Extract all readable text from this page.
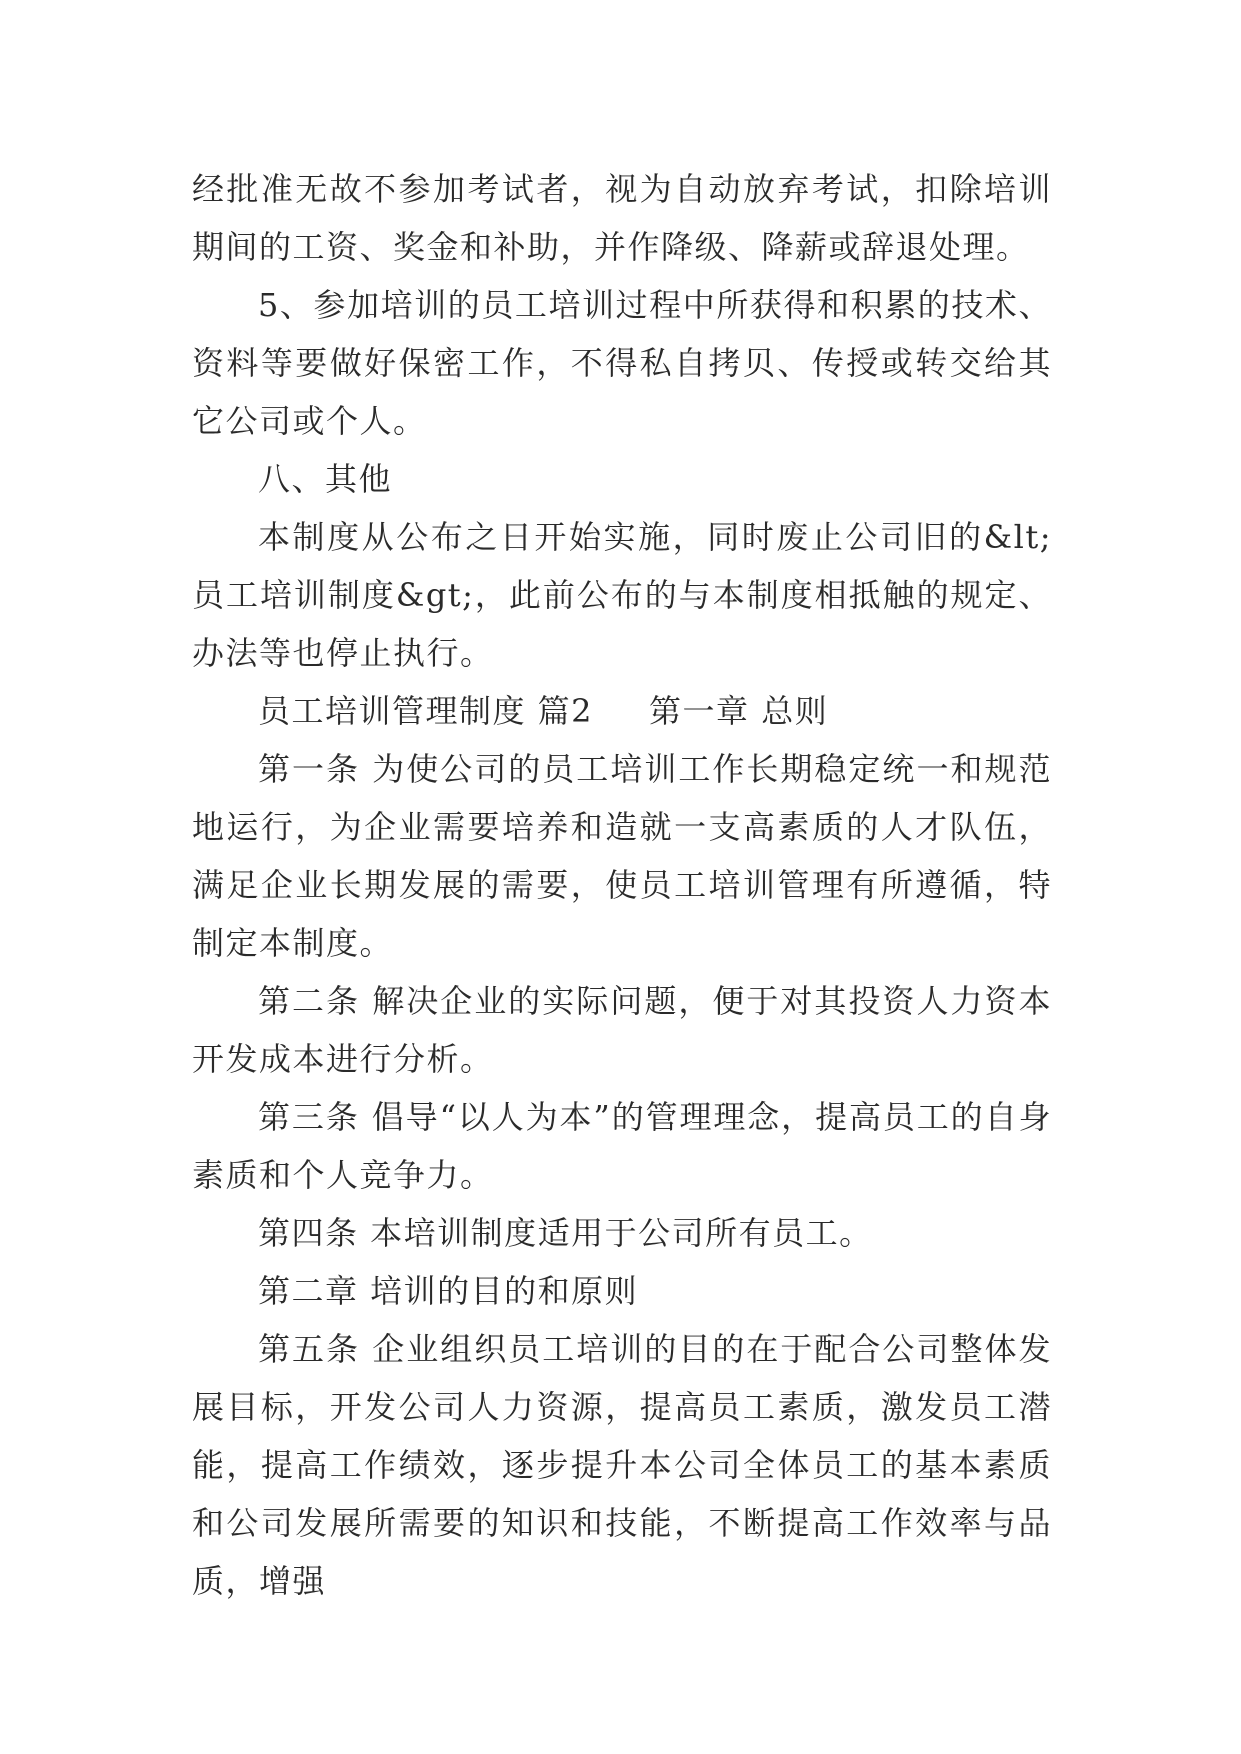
经批准无故不参加考试者，视为自动放弃考试，扣除培训期间的工资、奖金和补助，并作降级、降薪或辞退处理。

5、参加培训的员工培训过程中所获得和积累的技术、资料等要做好保密工作，不得私自拷贝、传授或转交给其它公司或个人。

八、其他

本制度从公布之日开始实施，同时废止公司旧的&lt;员工培训制度&gt;，此前公布的与本制度相抵触的规定、办法等也停止执行。

员工培训管理制度 篇2 第一章 总则

第一条 为使公司的员工培训工作长期稳定统一和规范地运行，为企业需要培养和造就一支高素质的人才队伍，满足企业长期发展的需要，使员工培训管理有所遵循，特制定本制度。

第二条 解决企业的实际问题，便于对其投资人力资本开发成本进行分析。

第三条 倡导“以人为本”的管理理念，提高员工的自身素质和个人竞争力。

第四条 本培训制度适用于公司所有员工。

第二章 培训的目的和原则

第五条 企业组织员工培训的目的在于配合公司整体发展目标，开发公司人力资源，提高员工素质，激发员工潜能，提高工作绩效，逐步提升本公司全体员工的基本素质和公司发展所需要的知识和技能，不断提高工作效率与品质，增强
